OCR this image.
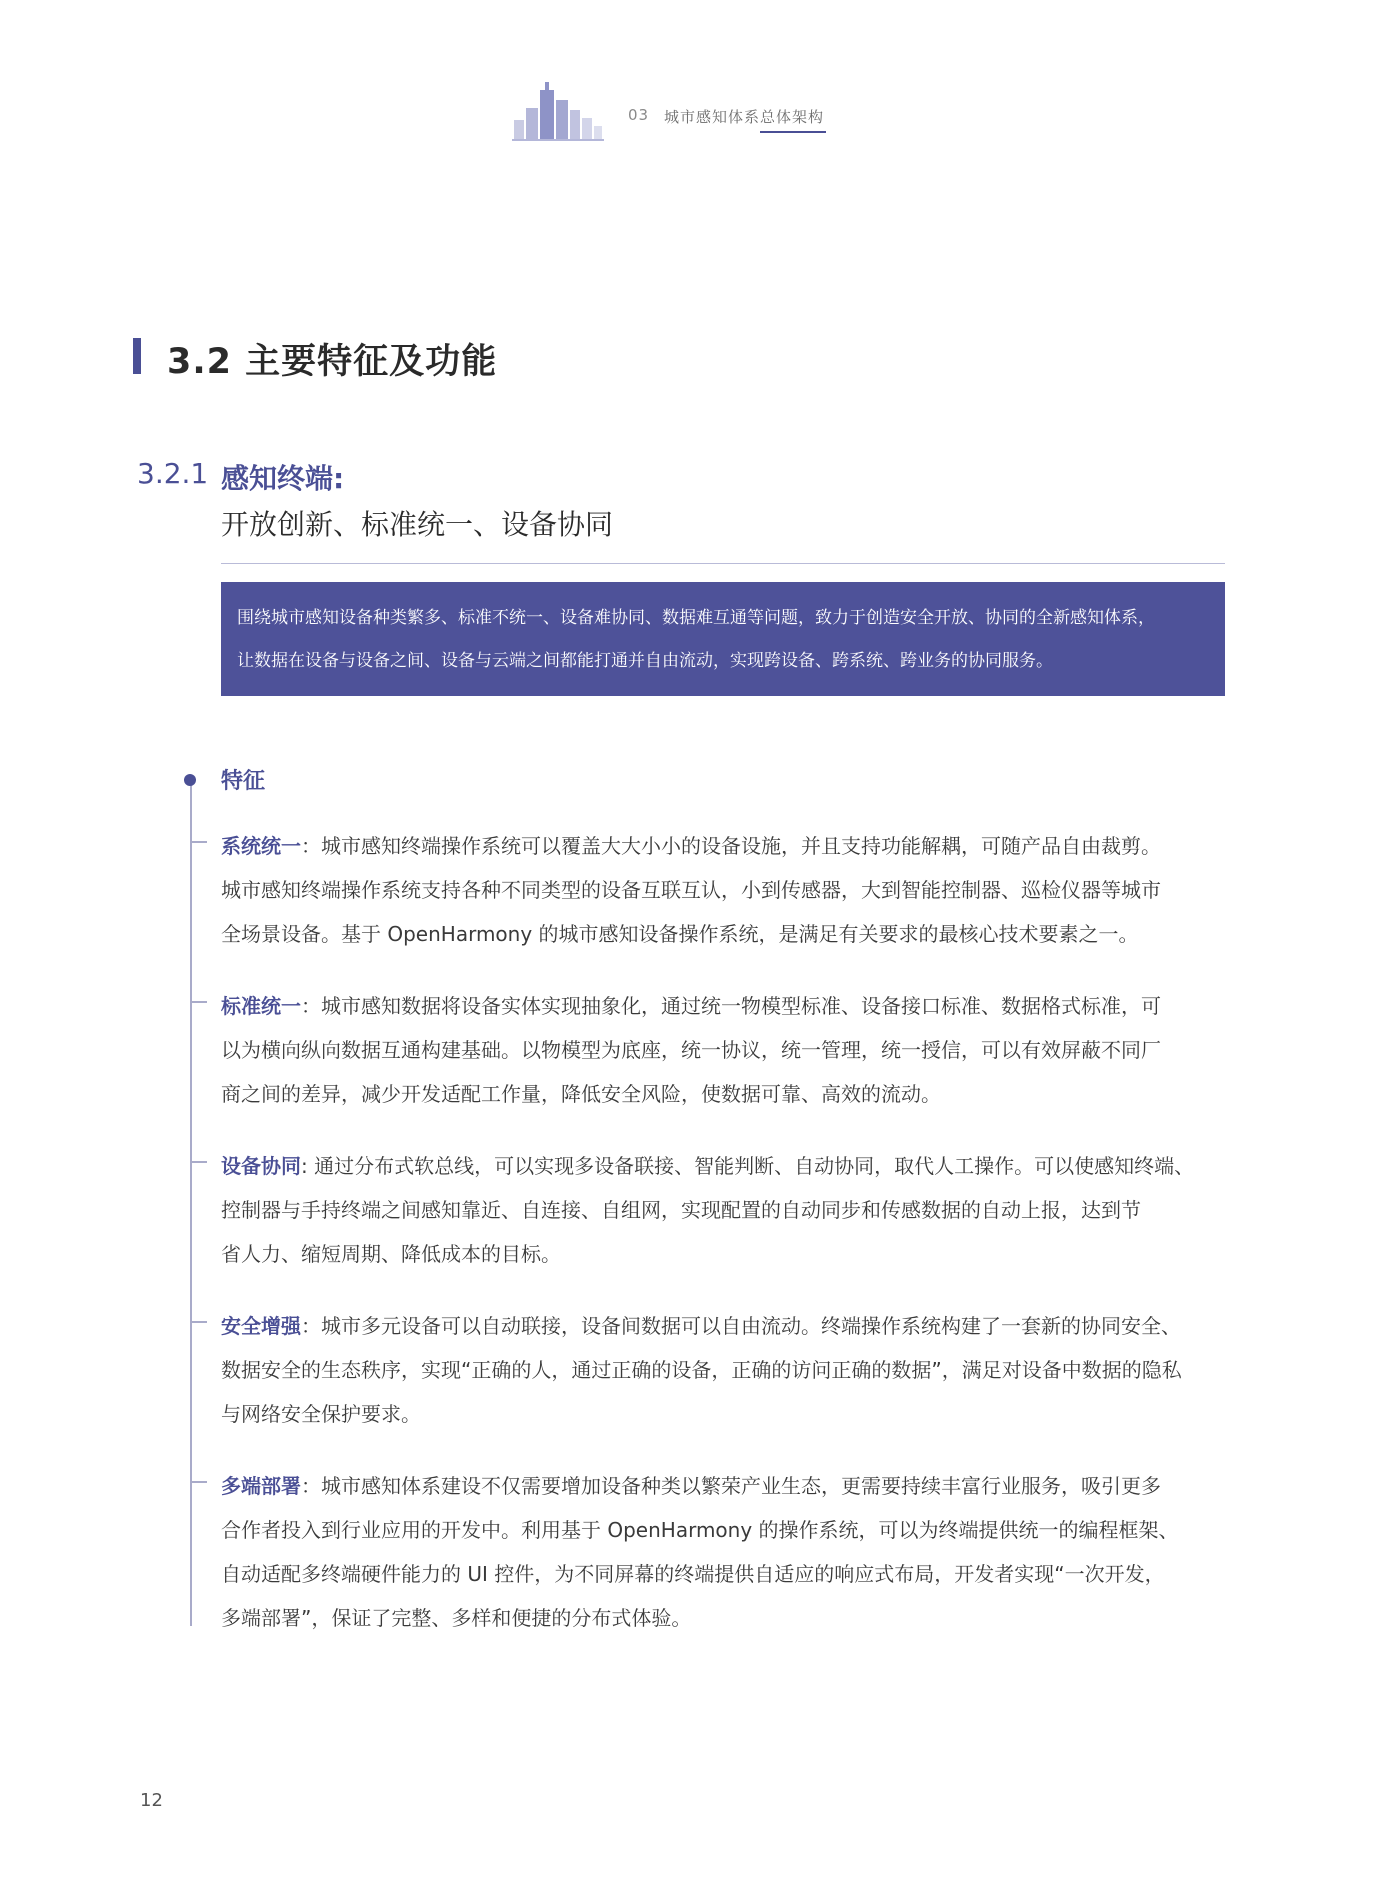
03 城市感知体系总体架构
3.2 主要特征及功能
3.2.1 感知终端:
开放创新、标准统一、设备协同
围绕城市感知设备种类繁多、标准不统一、设备难协同、数据难互通等问题，致力于创造安全开放、协同的全新感知体系，
让数据在设备与设备之间、设备与云端之间都能打通并自由流动，实现跨设备、跨系统、跨业务的协同服务。
特征
系统统一：城市感知终端操作系统可以覆盖大大小小的设备设施，并且支持功能解耦，可随产品自由裁剪。
城市感知终端操作系统支持各种不同类型的设备互联互认，小到传感器，大到智能控制器、巡检仪器等城市
全场景设备。基于 OpenHarmony 的城市感知设备操作系统，是满足有关要求的最核心技术要素之一。
标准统一：城市感知数据将设备实体实现抽象化，通过统一物模型标准、设备接口标准、数据格式标准，可
以为横向纵向数据互通构建基础。以物模型为底座，统一协议，统一管理，统一授信，可以有效屏蔽不同厂
商之间的差异，减少开发适配工作量，降低安全风险，使数据可靠、高效的流动。
设备协同: 通过分布式软总线，可以实现多设备联接、智能判断、自动协同，取代人工操作。可以使感知终端、
控制器与手持终端之间感知靠近、自连接、自组网，实现配置的自动同步和传感数据的自动上报，达到节
省人力、缩短周期、降低成本的目标。
安全增强：城市多元设备可以自动联接，设备间数据可以自由流动。终端操作系统构建了一套新的协同安全、
数据安全的生态秩序，实现“正确的人，通过正确的设备，正确的访问正确的数据”，满足对设备中数据的隐私
与网络安全保护要求。
多端部署：城市感知体系建设不仅需要增加设备种类以繁荣产业生态，更需要持续丰富行业服务，吸引更多
合作者投入到行业应用的开发中。利用基于 OpenHarmony 的操作系统，可以为终端提供统一的编程框架、
自动适配多终端硬件能力的 UI 控件，为不同屏幕的终端提供自适应的响应式布局，开发者实现“一次开发，
多端部署”，保证了完整、多样和便捷的分布式体验。
12
